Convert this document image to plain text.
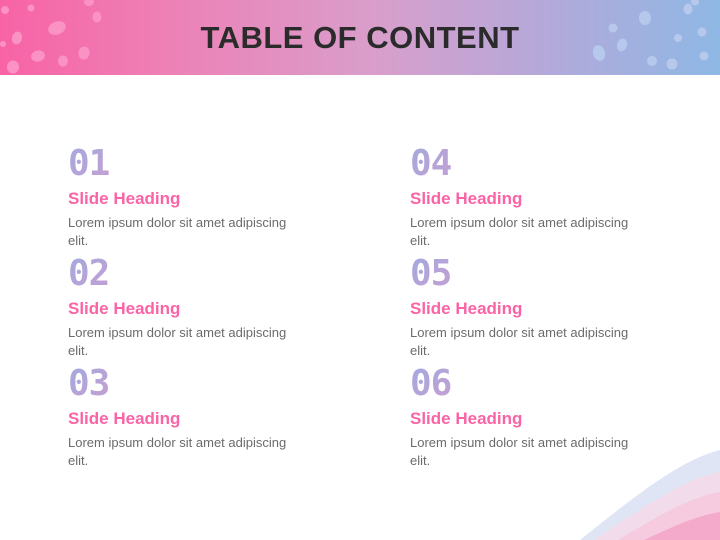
TABLE OF CONTENT
01
Slide Heading
Lorem ipsum dolor sit amet adipiscing elit.
04
Slide Heading
Lorem ipsum dolor sit amet adipiscing elit.
02
Slide Heading
Lorem ipsum dolor sit amet adipiscing elit.
05
Slide Heading
Lorem ipsum dolor sit amet adipiscing elit.
03
Slide Heading
Lorem ipsum dolor sit amet adipiscing elit.
06
Slide Heading
Lorem ipsum dolor sit amet adipiscing elit.
